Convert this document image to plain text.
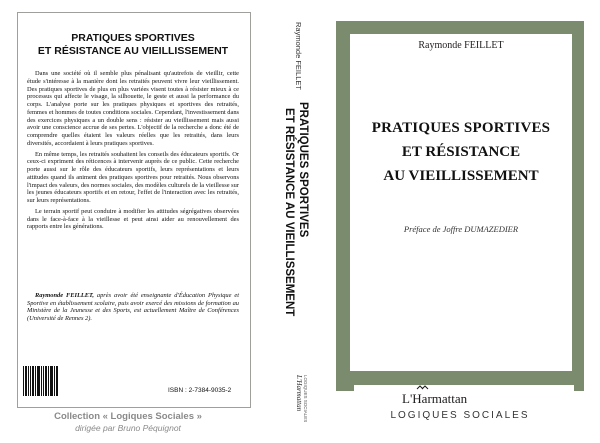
PRATIQUES SPORTIVES
ET RÉSISTANCE AU VIEILLISSEMENT

Dans une société où il semble plus pénalisant qu'autrefois de vieillir, cette étude s'intéresse à la manière dont les retraités peuvent vivre leur vieillissement. Des pratiques sportives de plus en plus variées visent toutes à résister mieux à ce processus qui affecte le visage, la silhouette, le geste et aussi la performance du corps. L'analyse porte sur les pratiques physiques et sportives des retraités, femmes et hommes de toutes conditions sociales. Cependant, l'investissement dans des exercices physiques a un double sens : résister au vieillissement mais aussi avoir une conscience accrue de ses pertes. L'objectif de la recherche a donc été de comprendre quelles étaient les valeurs réelles que les retraités, dans leurs diversités, accordaient à leurs pratiques sportives.

En même temps, les retraités souhaitent les conseils des éducateurs sportifs. Or ceux-ci expriment des réticences à intervenir auprès de ce public. Cette recherche porte aussi sur le rôle des éducateurs sportifs, leurs représentations et leurs attitudes quand ils animent des pratiques sportives pour retraités. Nous observons l'impact des valeurs, des normes sociales, des modèles culturels de la vieillesse sur les jeunes éducateurs sportifs et en retour, l'effet de l'interaction avec les retraités, sur leurs représentations.

Le terrain sportif peut conduire à modifier les attitudes ségrégatives observées dans le face-à-face à la vieillesse et peut ainsi aider au renouvellement des rapports entre les générations.

Raymonde FEILLET, après avoir été enseignante d'Éducation Physique et Sportive en établissement scolaire, puis avoir exercé des missions de formation au Ministère de la Jeunesse et des Sports, est actuellement Maître de Conférences (Université de Rennes 2).
ISBN : 2-7384-9035-2
Collection « Logiques Sociales »
dirigée par Bruno Péquignot
Raymonde FEILLET
PRATIQUES SPORTIVES
ET RÉSISTANCE AU VIEILLISSEMENT
L'Harmattan LOGIQUES SOCIALES
Raymonde FEILLET
PRATIQUES SPORTIVES
ET RÉSISTANCE
AU VIEILLISSEMENT
Préface de Joffre DUMAZEDIER
L'Harmattan
LOGIQUES SOCIALES
